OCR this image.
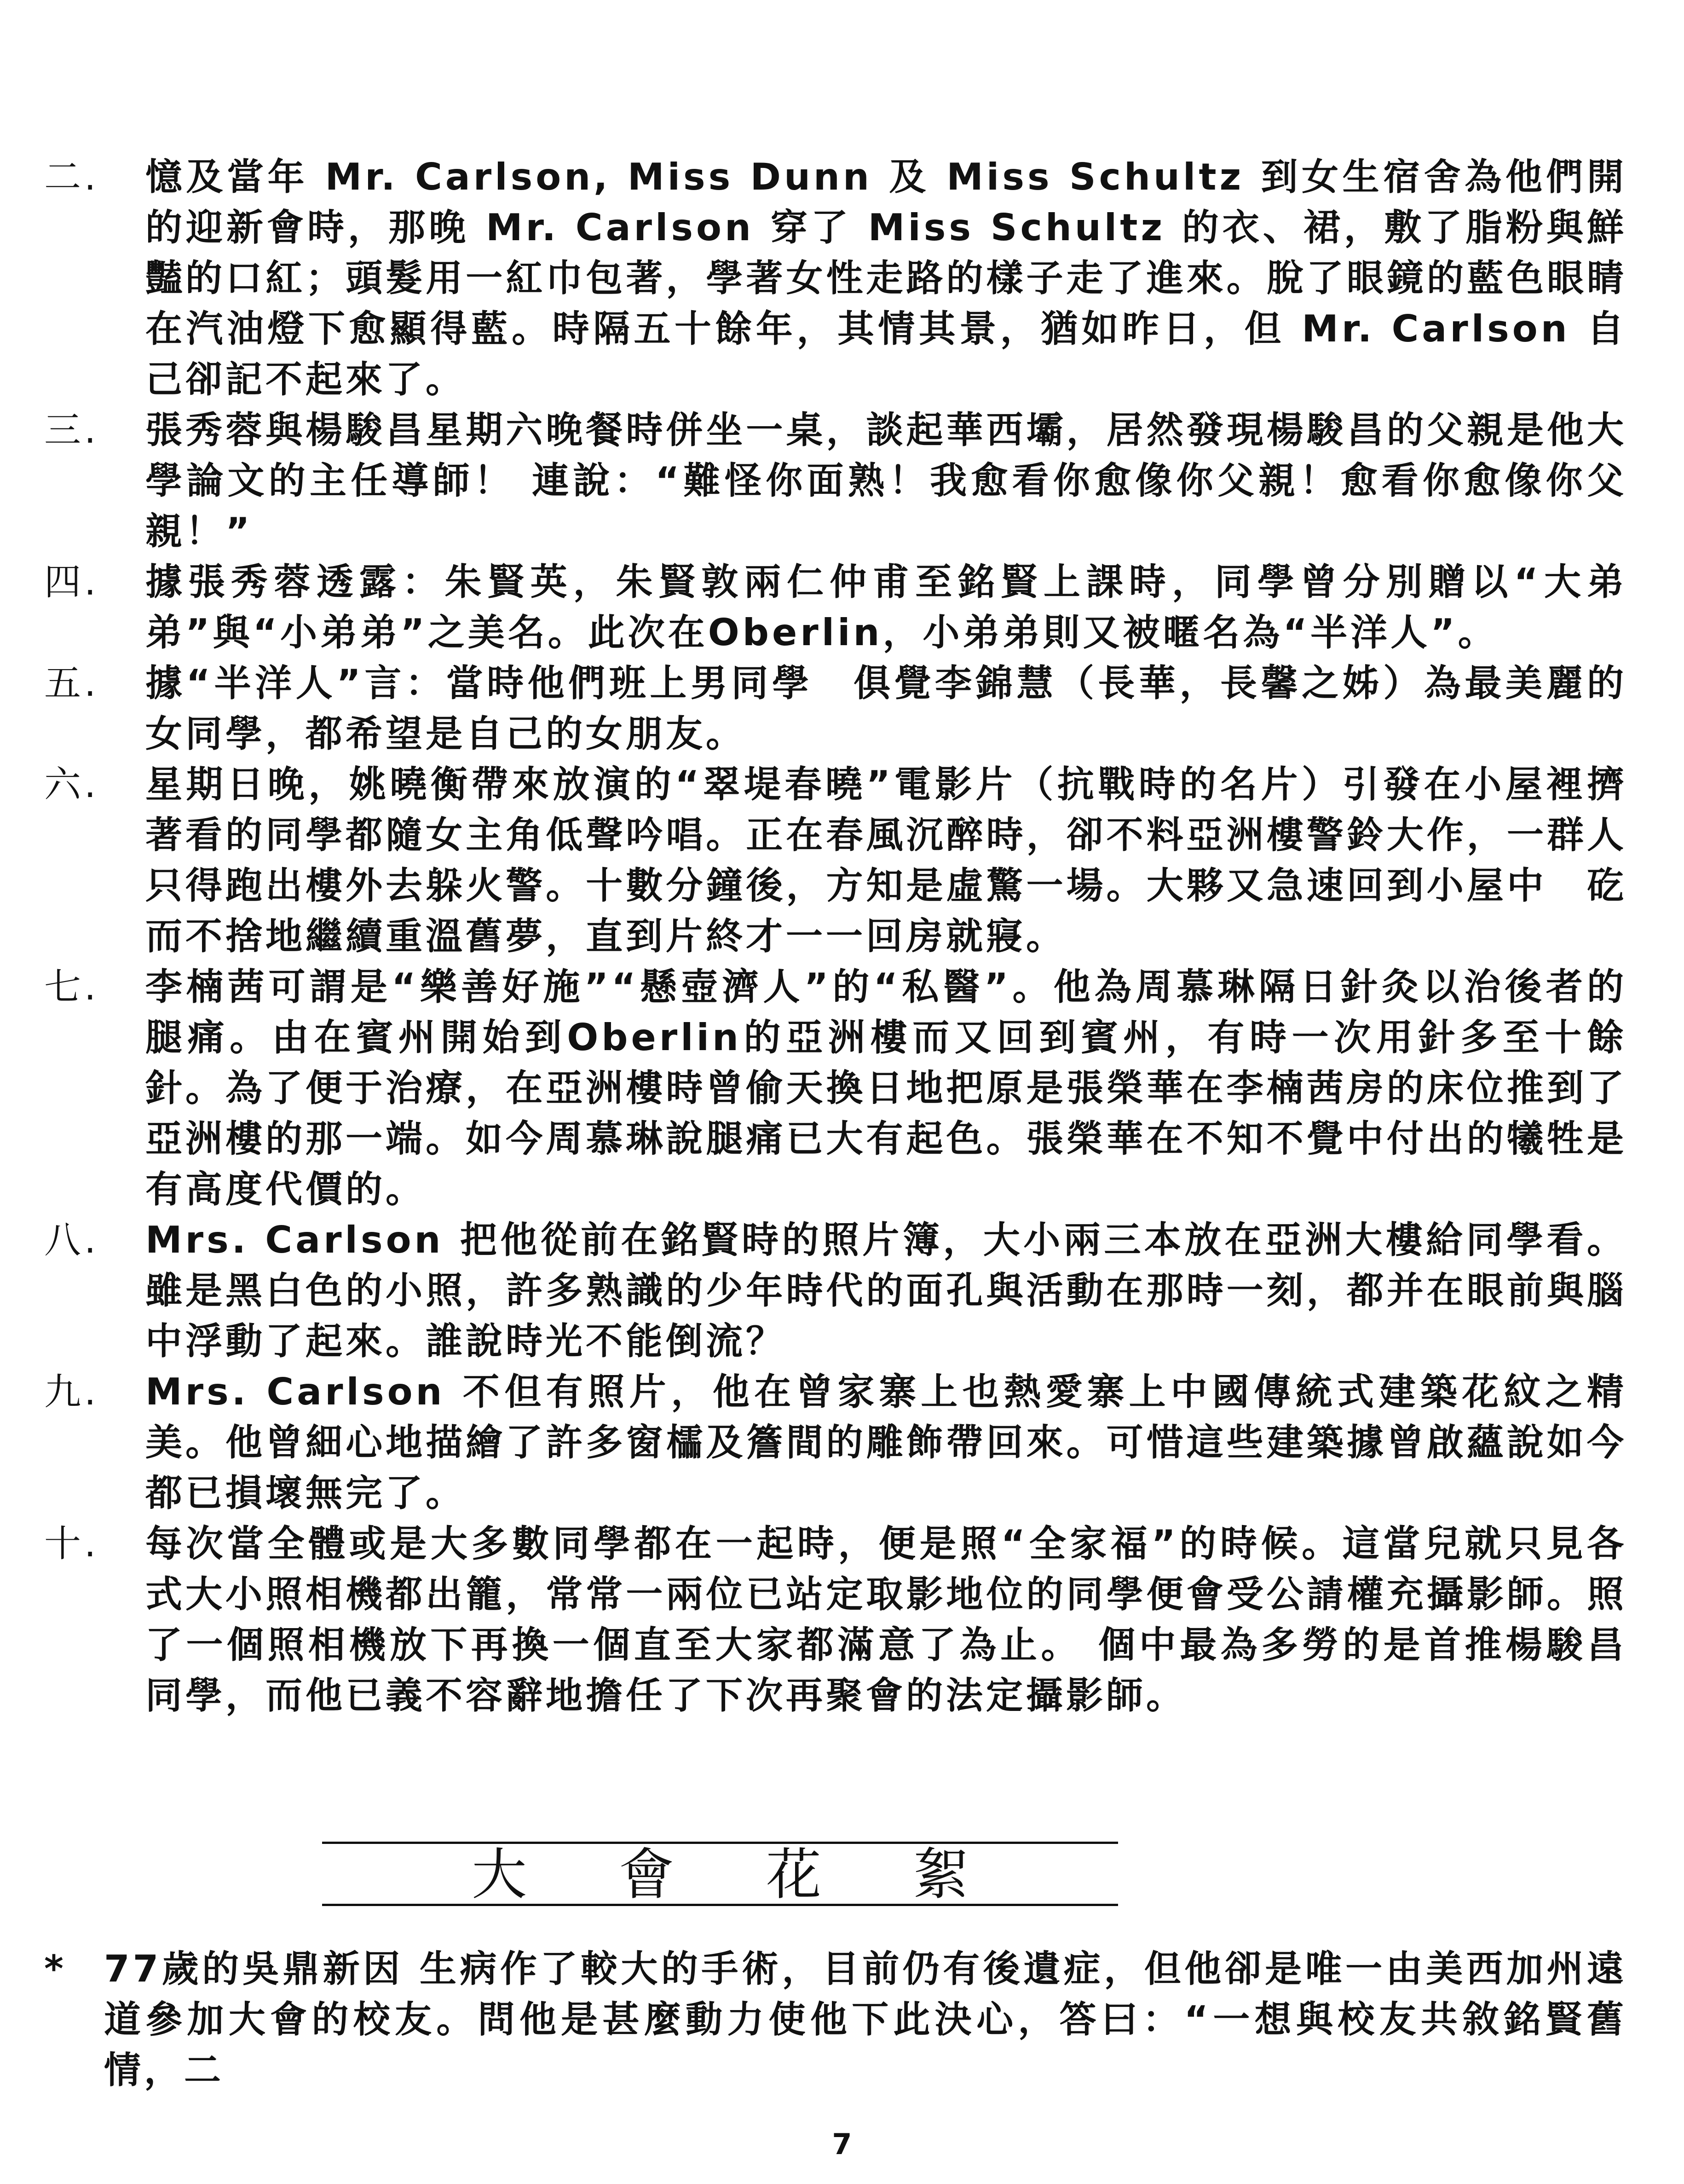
二.	憶及當年 Mr. Carlson, Miss Dunn 及 Miss Schultz 到女生宿舍為他們開的迎新會時，那晚 Mr. Carlson 穿了 Miss Schultz 的衣、裙，敷了脂粉與鮮豔的口紅；頭髮用一紅巾包著，學著女性走路的樣子走了進來。脫了眼鏡的藍色眼睛在汽油燈下愈顯得藍。時隔五十餘年，其情其景，猶如昨日，但 Mr. Carlson 自己卻記不起來了。
三.	張秀蓉與楊駿昌星期六晚餐時併坐一桌，談起華西壩，居然發現楊駿昌的父親是他大學論文的主任導師！ 連說：“難怪你面熟！我愈看你愈像你父親！愈看你愈像你父親！”
四.	據張秀蓉透露：朱賢英，朱賢敦兩仁仲甫至銘賢上課時，同學曾分別贈以“大弟弟”與“小弟弟”之美名。此次在Oberlin，小弟弟則又被暱名為“半洋人”。
五.	據“半洋人”言：當時他們班上男同學　俱覺李錦慧（長華，長馨之姊）為最美麗的女同學，都希望是自己的女朋友。
六.	星期日晚，姚曉衡帶來放演的“翠堤春曉”電影片（抗戰時的名片）引發在小屋裡擠著看的同學都隨女主角低聲吟唱。正在春風沉醉時，卻不料亞洲樓警鈴大作，一群人只得跑出樓外去躲火警。十數分鐘後，方知是虛驚一場。大夥又急速回到小屋中　矻而不捨地繼續重溫舊夢，直到片終才一一回房就寢。
七.	李楠茜可謂是“樂善好施”“懸壺濟人”的“私醫”。他為周慕琳隔日針灸以治後者的腿痛。由在賓州開始到Oberlin的亞洲樓而又回到賓州，有時一次用針多至十餘針。為了便于治療，在亞洲樓時曾偷天換日地把原是張榮華在李楠茜房的床位推到了亞洲樓的那一端。如今周慕琳說腿痛已大有起色。張榮華在不知不覺中付出的犧牲是有高度代價的。
八.	Mrs. Carlson 把他從前在銘賢時的照片簿，大小兩三本放在亞洲大樓給同學看。雖是黑白色的小照，許多熟識的少年時代的面孔與活動在那時一刻，都并在眼前與腦中浮動了起來。誰說時光不能倒流？
九.	Mrs. Carlson 不但有照片，他在曾家寨上也熱愛寨上中國傳統式建築花紋之精美。他曾細心地描繪了許多窗櫺及簷間的雕飾帶回來。可惜這些建築據曾啟蘊說如今都已損壞無完了。
十.	每次當全體或是大多數同學都在一起時，便是照“全家福”的時候。這當兒就只見各式大小照相機都出籠，常常一兩位已站定取影地位的同學便會受公請權充攝影師。照了一個照相機放下再換一個直至大家都滿意了為止。 個中最為多勞的是首推楊駿昌同學，而他已義不容辭地擔任了下次再聚會的法定攝影師。
大會花絮
*	77歲的吳鼎新因 生病作了較大的手術，目前仍有後遺症，但他卻是唯一由美西加州遠道參加大會的校友。問他是甚麼動力使他下此決心，答曰：“一想與校友共敘銘賢舊情，二
7
